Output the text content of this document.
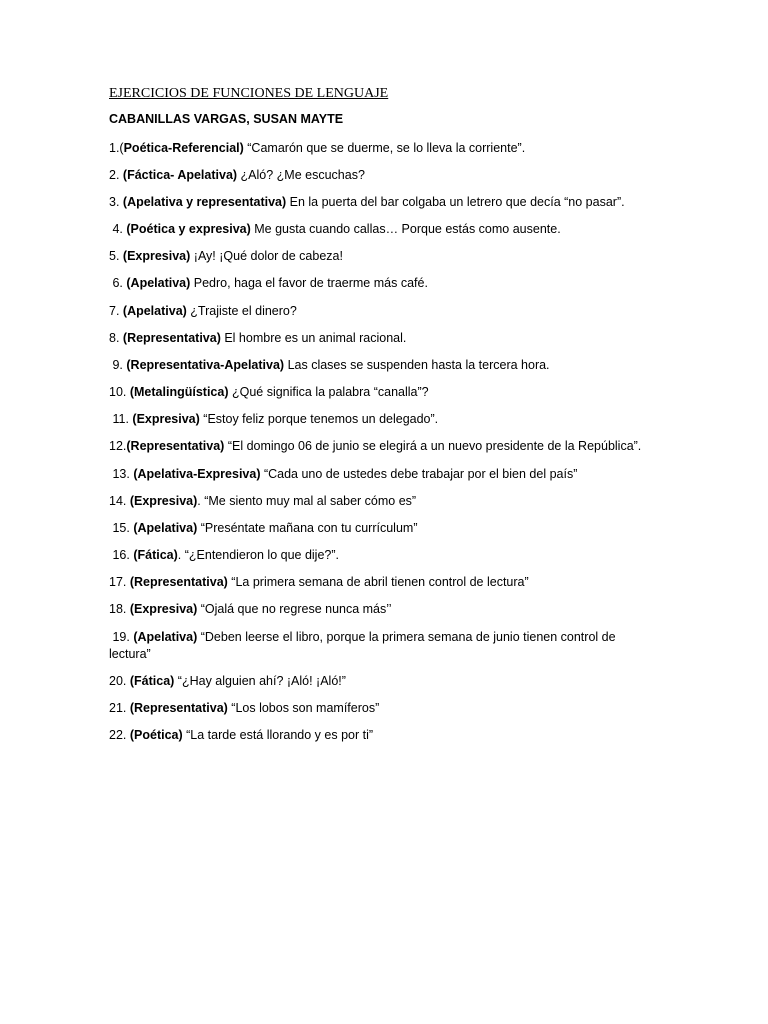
EJERCICIOS DE FUNCIONES DE LENGUAJE
CABANILLAS VARGAS, SUSAN MAYTE

1.(Poética-Referencial) “Camarón que se duerme, se lo lleva la corriente”.

2. (Fáctica- Apelativa) ¿Aló? ¿Me escuchas?

3. (Apelativa y representativa) En la puerta del bar colgaba un letrero que decía “no pasar”.

4. (Poética y expresiva) Me gusta cuando callas… Porque estás como ausente.

5. (Expresiva) ¡Ay! ¡Qué dolor de cabeza!

6. (Apelativa) Pedro, haga el favor de traerme más café.

7. (Apelativa) ¿Trajiste el dinero?

8. (Representativa) El hombre es un animal racional.

9. (Representativa-Apelativa) Las clases se suspenden hasta la tercera hora.

10. (Metalingüística) ¿Qué significa la palabra “canalla”?

11. (Expresiva) “Estoy feliz porque tenemos un delegado”.

12.(Representativa) “El domingo 06 de junio se elegirá a un nuevo presidente de la República”.

13. (Apelativa-Expresiva) “Cada uno de ustedes debe trabajar por el bien del país”

14. (Expresiva). “Me siento muy mal al saber cómo es”

15. (Apelativa) “Preséntate mañana con tu currículum”

16. (Fática). “¿Entendieron lo que dije?”.

17. (Representativa) “La primera semana de abril tienen control de lectura”

18. (Expresiva) “Ojalá que no regrese nunca más’’

19. (Apelativa) “Deben leerse el libro, porque la primera semana de junio tienen control de lectura”

20. (Fática) “¿Hay alguien ahí? ¡Aló! ¡Aló!”

21. (Representativa) “Los lobos son mamíferos”

22. (Poética) “La tarde está llorando y es por ti”
